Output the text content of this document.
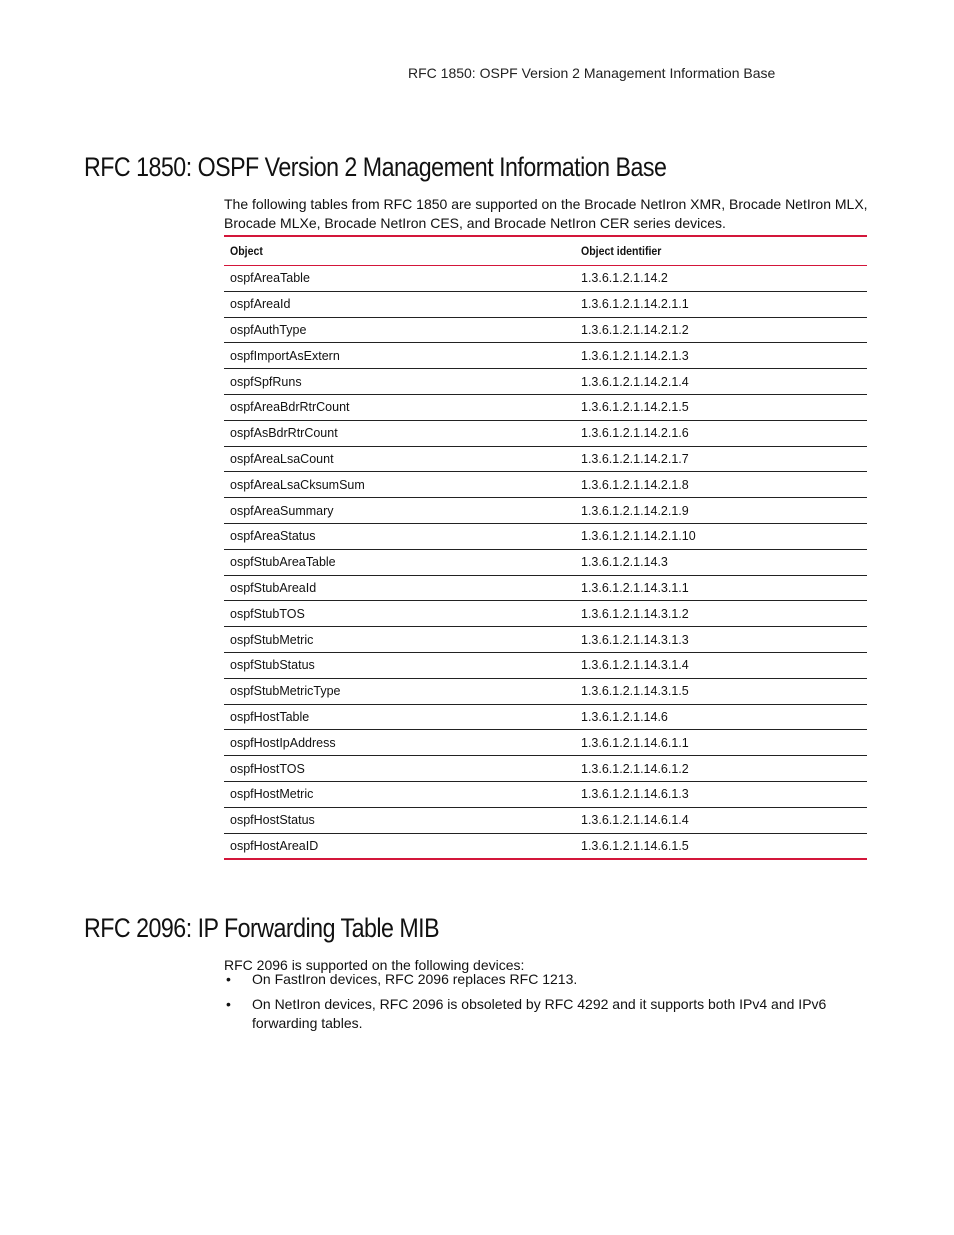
RFC 1850: OSPF Version 2 Management Information Base
RFC 1850: OSPF Version 2 Management Information Base

The following tables from RFC 1850 are supported on the Brocade NetIron XMR, Brocade NetIron MLX, Brocade MLXe, Brocade NetIron CES, and Brocade NetIron CER series devices.

Object	Object identifier
ospfAreaTable	1.3.6.1.2.1.14.2
ospfAreaId	1.3.6.1.2.1.14.2.1.1
ospfAuthType	1.3.6.1.2.1.14.2.1.2
ospfImportAsExtern	1.3.6.1.2.1.14.2.1.3
ospfSpfRuns	1.3.6.1.2.1.14.2.1.4
ospfAreaBdrRtrCount	1.3.6.1.2.1.14.2.1.5
ospfAsBdrRtrCount	1.3.6.1.2.1.14.2.1.6
ospfAreaLsaCount	1.3.6.1.2.1.14.2.1.7
ospfAreaLsaCksumSum	1.3.6.1.2.1.14.2.1.8
ospfAreaSummary	1.3.6.1.2.1.14.2.1.9
ospfAreaStatus	1.3.6.1.2.1.14.2.1.10
ospfStubAreaTable	1.3.6.1.2.1.14.3
ospfStubAreaId	1.3.6.1.2.1.14.3.1.1
ospfStubTOS	1.3.6.1.2.1.14.3.1.2
ospfStubMetric	1.3.6.1.2.1.14.3.1.3
ospfStubStatus	1.3.6.1.2.1.14.3.1.4
ospfStubMetricType	1.3.6.1.2.1.14.3.1.5
ospfHostTable	1.3.6.1.2.1.14.6
ospfHostIpAddress	1.3.6.1.2.1.14.6.1.1
ospfHostTOS	1.3.6.1.2.1.14.6.1.2
ospfHostMetric	1.3.6.1.2.1.14.6.1.3
ospfHostStatus	1.3.6.1.2.1.14.6.1.4
ospfHostAreaID	1.3.6.1.2.1.14.6.1.5
RFC 2096: IP Forwarding Table MIB

RFC 2096 is supported on the following devices:

• On FastIron devices, RFC 2096 replaces RFC 1213.
• On NetIron devices, RFC 2096 is obsoleted by RFC 4292 and it supports both IPv4 and IPv6 forwarding tables.
